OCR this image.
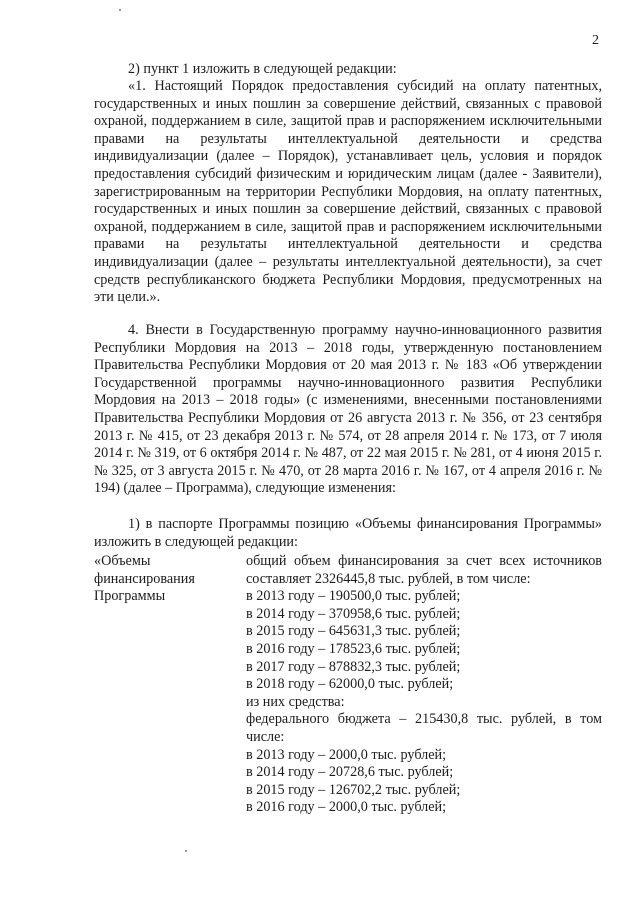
2

2) пункт 1 изложить в следующей редакции:

«1. Настоящий Порядок предоставления субсидий на оплату патентных, государственных и иных пошлин за совершение действий, связанных с правовой охраной, поддержанием в силе, защитой прав и распоряжением исключительными правами на результаты интеллектуальной деятельности и средства индивидуализации (далее – Порядок), устанавливает цель, условия и порядок предоставления субсидий физическим и юридическим лицам (далее - Заявители), зарегистрированным на территории Республики Мордовия, на оплату патентных, государственных и иных пошлин за совершение действий, связанных с правовой охраной, поддержанием в силе, защитой прав и распоряжением исключительными правами на результаты интеллектуальной деятельности и средства индивидуализации (далее – результаты интеллектуальной деятельности), за счет средств республиканского бюджета Республики Мордовия, предусмотренных на эти цели.».

4. Внести в Государственную программу научно-инновационного развития Республики Мордовия на 2013 – 2018 годы, утвержденную постановлением Правительства Республики Мордовия от 20 мая 2013 г. № 183 «Об утверждении Государственной программы научно-инновационного развития Республики Мордовия на 2013 – 2018 годы» (с изменениями, внесенными постановлениями Правительства Республики Мордовия от 26 августа 2013 г. № 356, от 23 сентября 2013 г. № 415, от 23 декабря 2013 г. № 574, от 28 апреля 2014 г. № 173, от 7 июля 2014 г. № 319, от 6 октября 2014 г. № 487, от 22 мая 2015 г. № 281, от 4 июня 2015 г. № 325, от 3 августа 2015 г. № 470, от 28 марта 2016 г. № 167, от 4 апреля 2016 г. № 194) (далее – Программа), следующие изменения:

1) в паспорте Программы позицию «Объемы финансирования Программы» изложить в следующей редакции:

«Объемы
финансирования
Программы
общий объем финансирования за счет всех источников составляет 2326445,8 тыс. рублей, в том числе:
в 2013 году – 190500,0 тыс. рублей;
в 2014 году – 370958,6 тыс. рублей;
в 2015 году – 645631,3 тыс. рублей;
в 2016 году – 178523,6 тыс. рублей;
в 2017 году – 878832,3 тыс. рублей;
в 2018 году – 62000,0 тыс. рублей;
из них средства:
федерального бюджета – 215430,8 тыс. рублей, в том числе:
в 2013 году – 2000,0 тыс. рублей;
в 2014 году – 20728,6 тыс. рублей;
в 2015 году – 126702,2 тыс. рублей;
в 2016 году – 2000,0 тыс. рублей;
